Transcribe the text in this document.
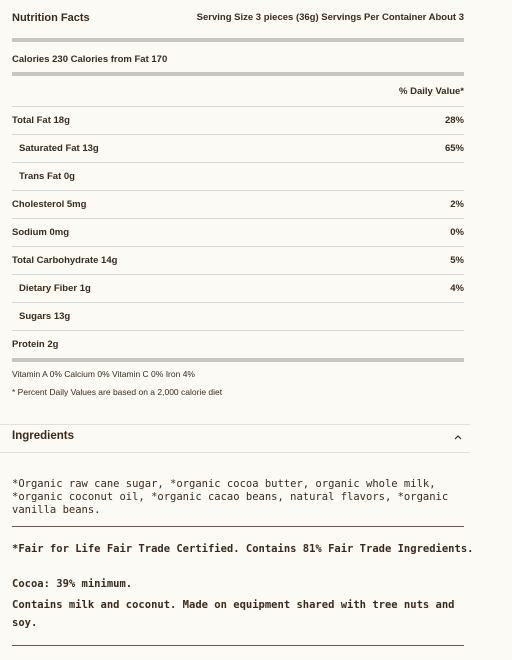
Nutrition Facts	Serving Size 3 pieces (36g) Servings Per Container About 3
Calories 230 Calories from Fat 170
% Daily Value*
Total Fat 18g	28%
Saturated Fat 13g	65%
Trans Fat 0g
Cholesterol 5mg	2%
Sodium 0mg	0%
Total Carbohydrate 14g	5%
Dietary Fiber 1g	4%
Sugars 13g
Protein 2g
Vitamin A 0% Calcium 0% Vitamin C 0% Iron 4%
* Percent Daily Values are based on a 2,000 calorie diet
Ingredients
*Organic raw cane sugar, *organic cocoa butter, organic whole milk, *organic coconut oil, *organic cacao beans, natural flavors, *organic vanilla beans.
*Fair for Life Fair Trade Certified. Contains 81% Fair Trade Ingredients.
Cocoa: 39% minimum.
Contains milk and coconut. Made on equipment shared with tree nuts and soy.
